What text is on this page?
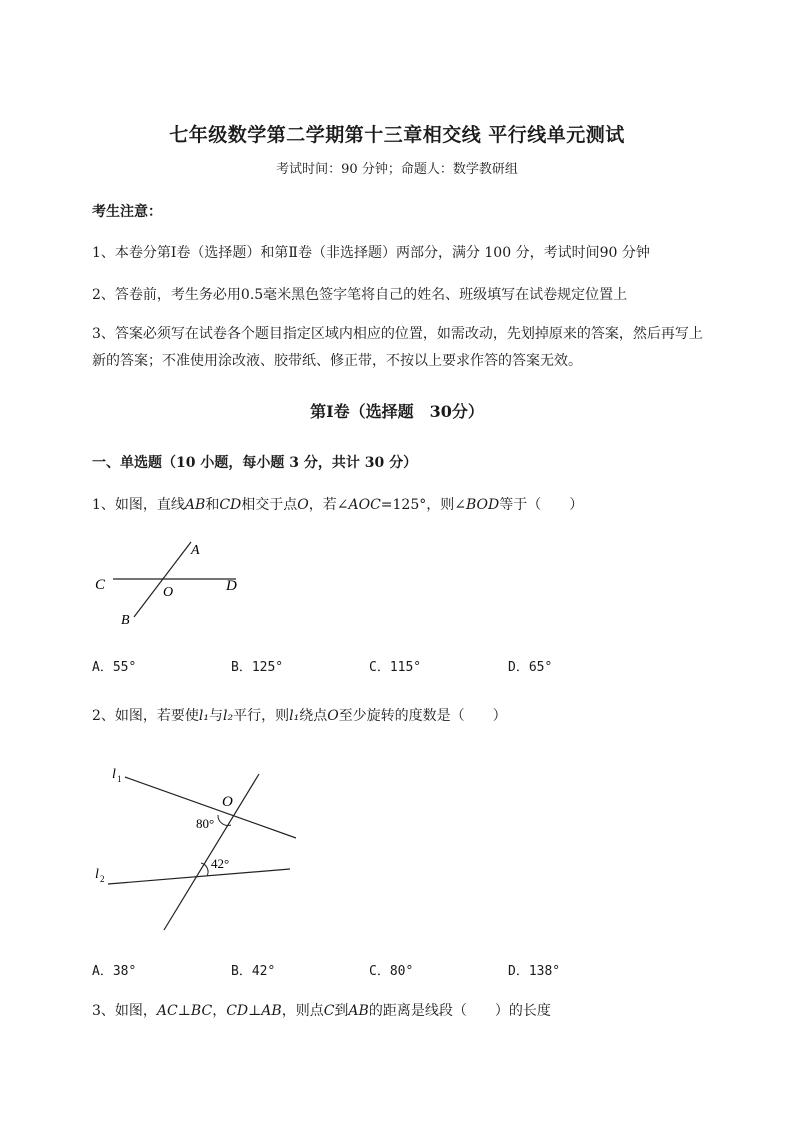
七年级数学第二学期第十三章相交线 平行线单元测试
考试时间：90 分钟；命题人：数学教研组
考生注意：
1、本卷分第Ⅰ卷（选择题）和第Ⅱ卷（非选择题）两部分，满分 100 分，考试时间90 分钟
2、答卷前，考生务必用0.5毫米黑色签字笔将自己的姓名、班级填写在试卷规定位置上
3、答案必须写在试卷各个题目指定区域内相应的位置，如需改动，先划掉原来的答案，然后再写上新的答案；不准使用涂改液、胶带纸、修正带，不按以上要求作答的答案无效。
第Ⅰ卷（选择题　30分）
一、单选题（10 小题，每小题 3 分，共计 30 分）
1、如图，直线AB和CD相交于点O，若∠AOC=125°，则∠BOD等于（　　）
A
C	O	D
B
A．55°	B．125°	C．115°	D．65°
2、如图，若要使l₁与l₂平行，则l₁绕点O至少旋转的度数是（　　）
l 1
O
80°
42°
l 2
A．38°	B．42°	C．80°	D．138°
3、如图，AC⊥BC，CD⊥AB，则点C到AB的距离是线段（　　）的长度
